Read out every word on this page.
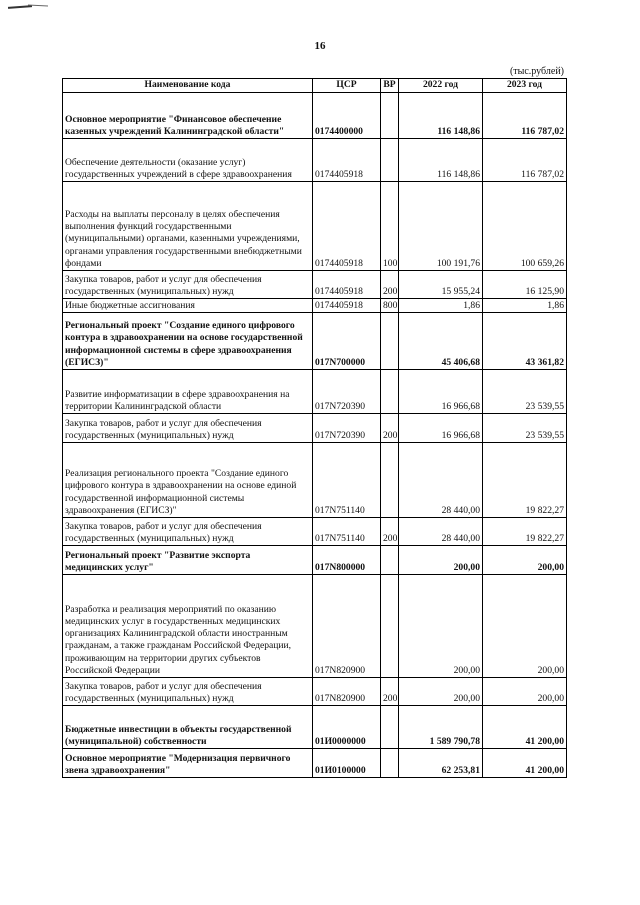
16
(тыс.рублей)
Наименование кода	ЦСР	ВР	2022 год	2023 год
Основное мероприятие "Финансовое обеспечение казенных учреждений Калининградской области"	0174400000		116 148,86	116 787,02
Обеспечение деятельности (оказание услуг) государственных учреждений в сфере здравоохранения	0174405918		116 148,86	116 787,02
Расходы на выплаты персоналу в целях обеспечения выполнения функций государственными (муниципальными) органами, казенными учреждениями, органами управления государственными внебюджетными фондами	0174405918	100	100 191,76	100 659,26
Закупка товаров, работ и услуг для обеспечения государственных (муниципальных) нужд	0174405918	200	15 955,24	16 125,90
Иные бюджетные ассигнования	0174405918	800	1,86	1,86
Региональный проект "Создание единого цифрового контура в здравоохранении на основе государственной информационной системы в сфере здравоохранения (ЕГИСЗ)"	017N700000		45 406,68	43 361,82
Развитие информатизации в сфере здравоохранения на территории Калининградской области	017N720390		16 966,68	23 539,55
Закупка товаров, работ и услуг для обеспечения государственных (муниципальных) нужд	017N720390	200	16 966,68	23 539,55
Реализация регионального проекта "Создание единого цифрового контура в здравоохранении на основе единой государственной информационной системы здравоохранения (ЕГИСЗ)"	017N751140		28 440,00	19 822,27
Закупка товаров, работ и услуг для обеспечения государственных (муниципальных) нужд	017N751140	200	28 440,00	19 822,27
Региональный проект "Развитие экспорта медицинских услуг"	017N800000		200,00	200,00
Разработка и реализация мероприятий по оказанию медицинских услуг в государственных медицинских организациях Калининградской области иностранным гражданам, а также гражданам Российской Федерации, проживающим на территории других субъектов Российской Федерации	017N820900		200,00	200,00
Закупка товаров, работ и услуг для обеспечения государственных (муниципальных) нужд	017N820900	200	200,00	200,00
Бюджетные инвестиции в объекты государственной (муниципальной) собственности	01И0000000		1 589 790,78	41 200,00
Основное мероприятие "Модернизация первичного звена здравоохранения"	01И0100000		62 253,81	41 200,00
